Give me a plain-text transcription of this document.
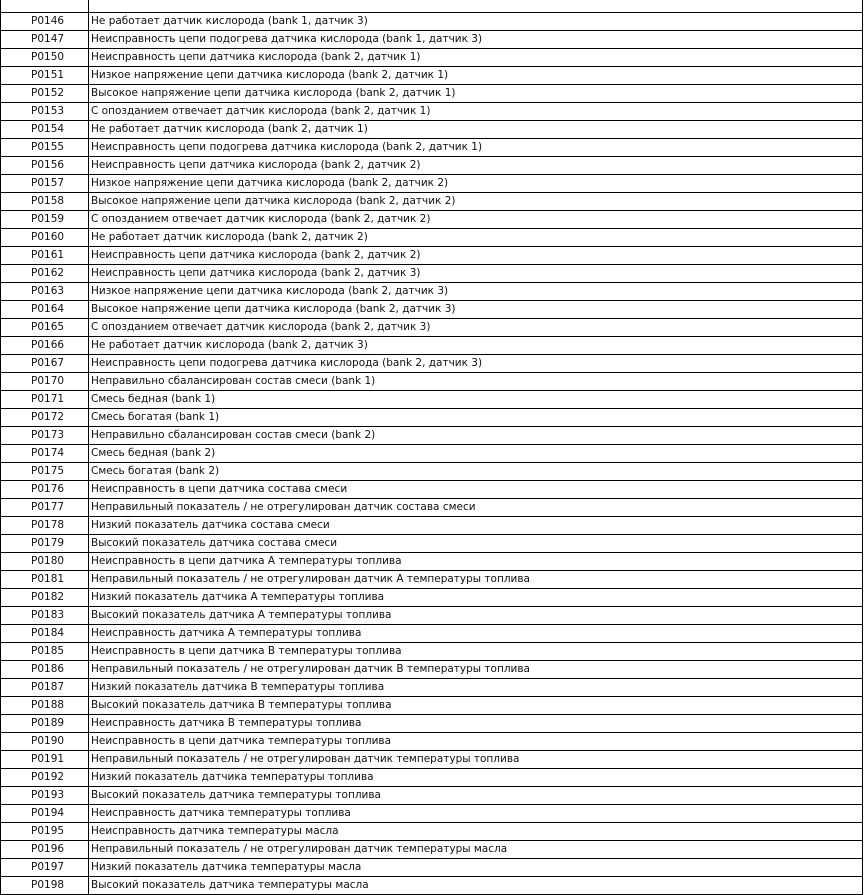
P0146	Не работает датчик кислорода (bank 1, датчик 3)
P0147	Неисправность цепи подогрева датчика кислорода (bank 1, датчик 3)
P0150	Неисправность цепи датчика кислорода (bank 2, датчик 1)
P0151	Низкое напряжение цепи датчика кислорода (bank 2, датчик 1)
P0152	Высокое напряжение цепи датчика кислорода (bank 2, датчик 1)
P0153	С опозданием отвечает датчик кислорода (bank 2, датчик 1)
P0154	Не работает датчик кислорода (bank 2, датчик 1)
P0155	Неисправность цепи подогрева датчика кислорода (bank 2, датчик 1)
P0156	Неисправность цепи датчика кислорода (bank 2, датчик 2)
P0157	Низкое напряжение цепи датчика кислорода (bank 2, датчик 2)
P0158	Высокое напряжение цепи датчика кислорода (bank 2, датчик 2)
P0159	С опозданием отвечает датчик кислорода (bank 2, датчик 2)
P0160	Не работает датчик кислорода (bank 2, датчик 2)
P0161	Неисправность цепи датчика кислорода (bank 2, датчик 2)
P0162	Неисправность цепи датчика кислорода (bank 2, датчик 3)
P0163	Низкое напряжение цепи датчика кислорода (bank 2, датчик 3)
P0164	Высокое напряжение цепи датчика кислорода (bank 2, датчик 3)
P0165	С опозданием отвечает датчик кислорода (bank 2, датчик 3)
P0166	Не работает датчик кислорода (bank 2, датчик 3)
P0167	Неисправность цепи подогрева датчика кислорода (bank 2, датчик 3)
P0170	Неправильно сбалансирован состав смеси (bank 1)
P0171	Смесь бедная (bank 1)
P0172	Смесь богатая (bank 1)
P0173	Неправильно сбалансирован состав смеси (bank 2)
P0174	Смесь бедная (bank 2)
P0175	Смесь богатая (bank 2)
P0176	Неисправность в цепи датчика состава смеси
P0177	Неправильный показатель / не отрегулирован датчик состава смеси
P0178	Низкий показатель датчика состава смеси
P0179	Высокий показатель датчика состава смеси
P0180	Неисправность в цепи датчика А температуры топлива
P0181	Неправильный показатель / не отрегулирован датчик А температуры топлива
P0182	Низкий показатель датчика А температуры топлива
P0183	Высокий показатель датчика А температуры топлива
P0184	Неисправность датчика А температуры топлива
P0185	Неисправность в цепи датчика В температуры топлива
P0186	Неправильный показатель / не отрегулирован датчик В температуры топлива
P0187	Низкий показатель датчика В температуры топлива
P0188	Высокий показатель датчика В температуры топлива
P0189	Неисправность датчика В температуры топлива
P0190	Неисправность в цепи датчика температуры топлива
P0191	Неправильный показатель / не отрегулирован датчик температуры топлива
P0192	Низкий показатель датчика температуры топлива
P0193	Высокий показатель датчика температуры топлива
P0194	Неисправность датчика температуры топлива
P0195	Неисправность датчика температуры масла
P0196	Неправильный показатель / не отрегулирован датчик температуры масла
P0197	Низкий показатель датчика температуры масла
P0198	Высокий показатель датчика температуры масла
